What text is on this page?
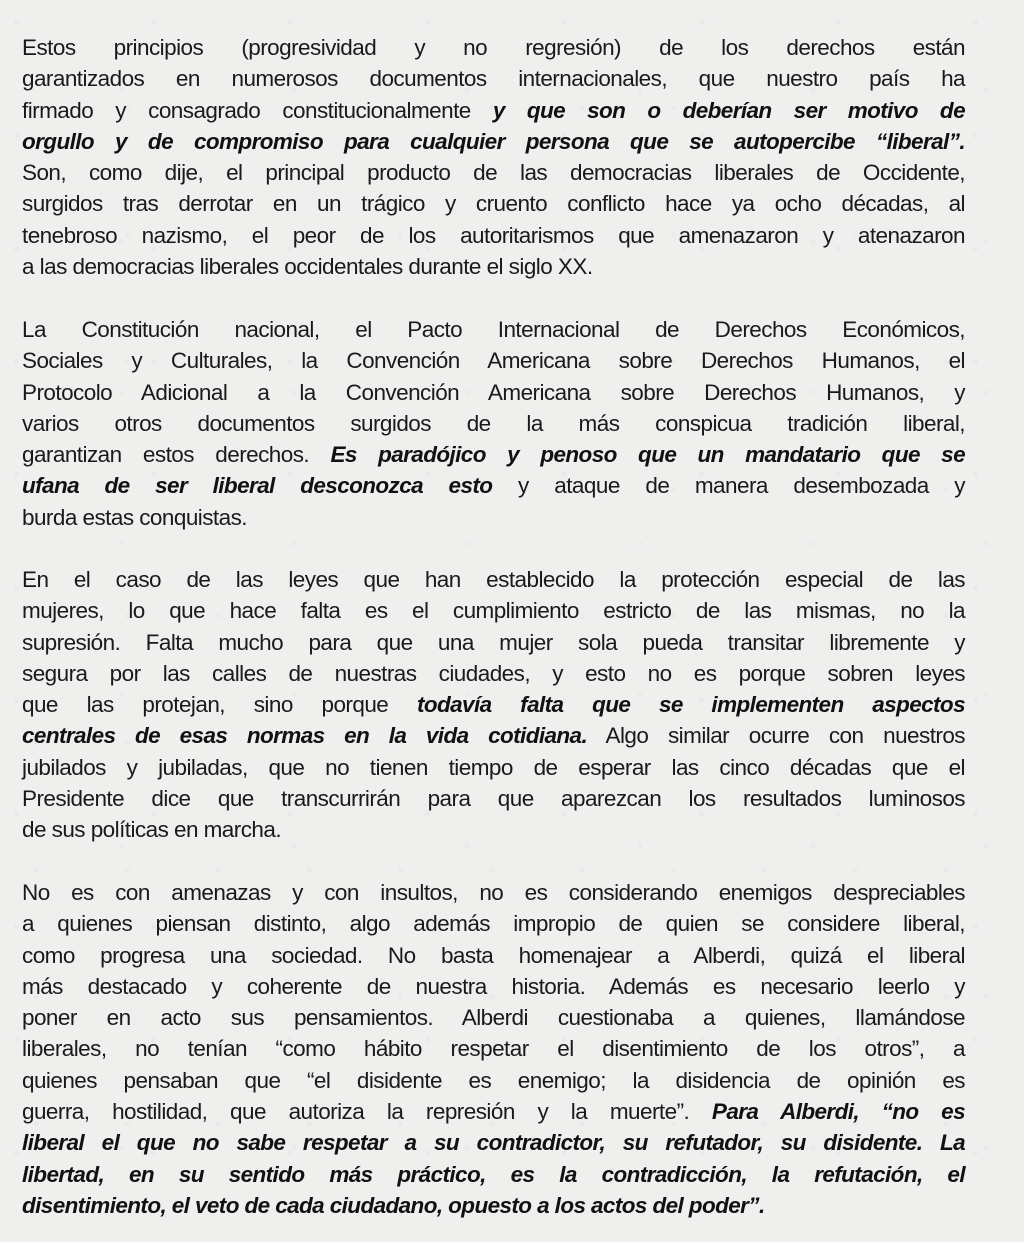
Estos principios (progresividad y no regresión) de los derechos están
garantizados en numerosos documentos internacionales, que nuestro país ha
firmado y consagrado constitucionalmente y que son o deberían ser motivo de
orgullo y de compromiso para cualquier persona que se autopercibe “liberal”.
Son, como dije, el principal producto de las democracias liberales de Occidente,
surgidos tras derrotar en un trágico y cruento conflicto hace ya ocho décadas, al
tenebroso nazismo, el peor de los autoritarismos que amenazaron y atenazaron
a las democracias liberales occidentales durante el siglo XX.
La Constitución nacional, el Pacto Internacional de Derechos Económicos,
Sociales y Culturales, la Convención Americana sobre Derechos Humanos, el
Protocolo Adicional a la Convención Americana sobre Derechos Humanos, y
varios otros documentos surgidos de la más conspicua tradición liberal,
garantizan estos derechos. Es paradójico y penoso que un mandatario que se
ufana de ser liberal desconozca esto y ataque de manera desembozada y
burda estas conquistas.
En el caso de las leyes que han establecido la protección especial de las
mujeres, lo que hace falta es el cumplimiento estricto de las mismas, no la
supresión. Falta mucho para que una mujer sola pueda transitar libremente y
segura por las calles de nuestras ciudades, y esto no es porque sobren leyes
que las protejan, sino porque todavía falta que se implementen aspectos
centrales de esas normas en la vida cotidiana. Algo similar ocurre con nuestros
jubilados y jubiladas, que no tienen tiempo de esperar las cinco décadas que el
Presidente dice que transcurrirán para que aparezcan los resultados luminosos
de sus políticas en marcha.
No es con amenazas y con insultos, no es considerando enemigos despreciables
a quienes piensan distinto, algo además impropio de quien se considere liberal,
como progresa una sociedad. No basta homenajear a Alberdi, quizá el liberal
más destacado y coherente de nuestra historia. Además es necesario leerlo y
poner en acto sus pensamientos. Alberdi cuestionaba a quienes, llamándose
liberales, no tenían “como hábito respetar el disentimiento de los otros”, a
quienes pensaban que “el disidente es enemigo; la disidencia de opinión es
guerra, hostilidad, que autoriza la represión y la muerte”. Para Alberdi, “no es
liberal el que no sabe respetar a su contradictor, su refutador, su disidente. La
libertad, en su sentido más práctico, es la contradicción, la refutación, el
disentimiento, el veto de cada ciudadano, opuesto a los actos del poder”.
